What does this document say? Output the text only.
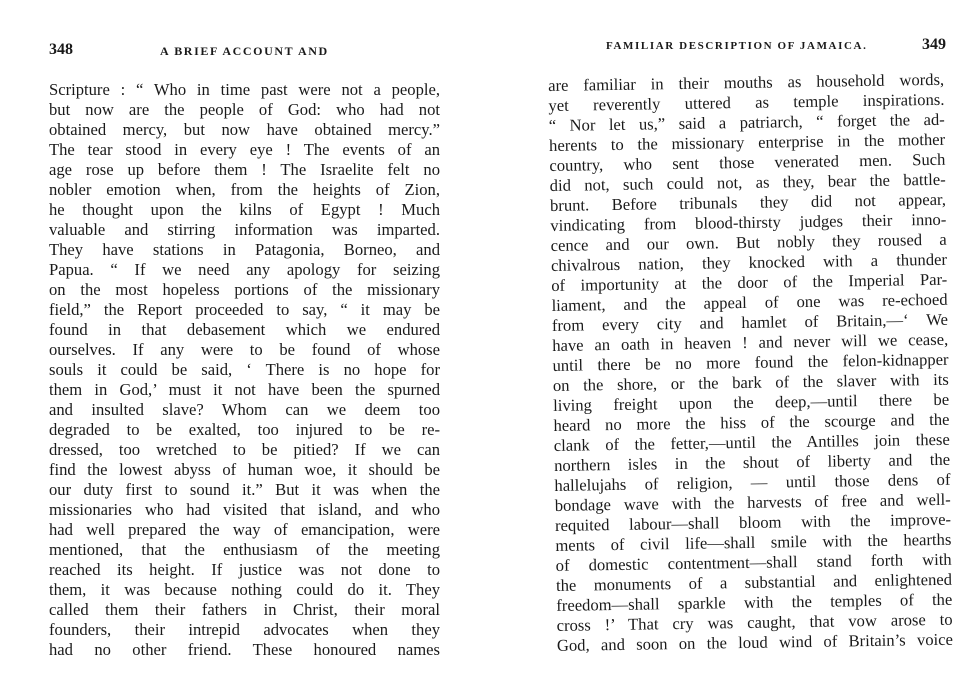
348	A BRIEF ACCOUNT AND
Scripture : “ Who in time past were not a people,
but now are the people of God: who had not
obtained mercy, but now have obtained mercy.”
The tear stood in every eye ! The events of an
age rose up before them ! The Israelite felt no
nobler emotion when, from the heights of Zion,
he thought upon the kilns of Egypt ! Much
valuable and stirring information was imparted.
They have stations in Patagonia, Borneo, and
Papua. “ If we need any apology for seizing
on the most hopeless portions of the missionary
field,” the Report proceeded to say, “ it may be
found in that debasement which we endured
ourselves. If any were to be found of whose
souls it could be said, ‘ There is no hope for
them in God,’ must it not have been the spurned
and insulted slave? Whom can we deem too
degraded to be exalted, too injured to be re-
dressed, too wretched to be pitied? If we can
find the lowest abyss of human woe, it should be
our duty first to sound it.” But it was when the
missionaries who had visited that island, and who
had well prepared the way of emancipation, were
mentioned, that the enthusiasm of the meeting
reached its height. If justice was not done to
them, it was because nothing could do it. They
called them their fathers in Christ, their moral
founders, their intrepid advocates when they
had no other friend. These honoured names
FAMILIAR DESCRIPTION OF JAMAICA.	349
are familiar in their mouths as household words,
yet reverently uttered as temple inspirations.
“ Nor let us,” said a patriarch, “ forget the ad-
herents to the missionary enterprise in the mother
country, who sent those venerated men. Such
did not, such could not, as they, bear the battle-
brunt. Before tribunals they did not appear,
vindicating from blood-thirsty judges their inno-
cence and our own. But nobly they roused a
chivalrous nation, they knocked with a thunder
of importunity at the door of the Imperial Par-
liament, and the appeal of one was re-echoed
from every city and hamlet of Britain,—‘ We
have an oath in heaven ! and never will we cease,
until there be no more found the felon-kidnapper
on the shore, or the bark of the slaver with its
living freight upon the deep,—until there be
heard no more the hiss of the scourge and the
clank of the fetter,—until the Antilles join these
northern isles in the shout of liberty and the
hallelujahs of religion, — until those dens of
bondage wave with the harvests of free and well-
requited labour—shall bloom with the improve-
ments of civil life—shall smile with the hearths
of domestic contentment—shall stand forth with
the monuments of a substantial and enlightened
freedom—shall sparkle with the temples of the
cross !’ That cry was caught, that vow arose to
God, and soon on the loud wind of Britain’s voice
